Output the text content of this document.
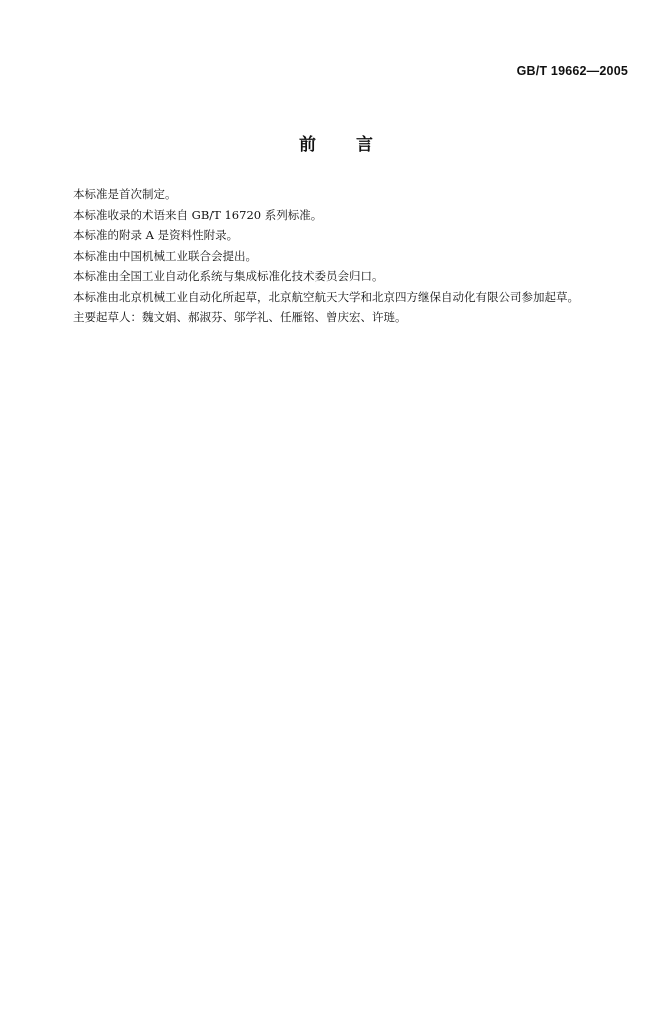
GB/T 19662—2005
前 言

本标准是首次制定。

本标准收录的术语来自 GB/T 16720 系列标准。

本标准的附录 A 是资料性附录。

本标准由中国机械工业联合会提出。

本标准由全国工业自动化系统与集成标准化技术委员会归口。

本标准由北京机械工业自动化所起草，北京航空航天大学和北京四方继保自动化有限公司参加起草。

主要起草人：魏文娟、郝淑芬、邬学礼、任雁铭、曾庆宏、许琏。
